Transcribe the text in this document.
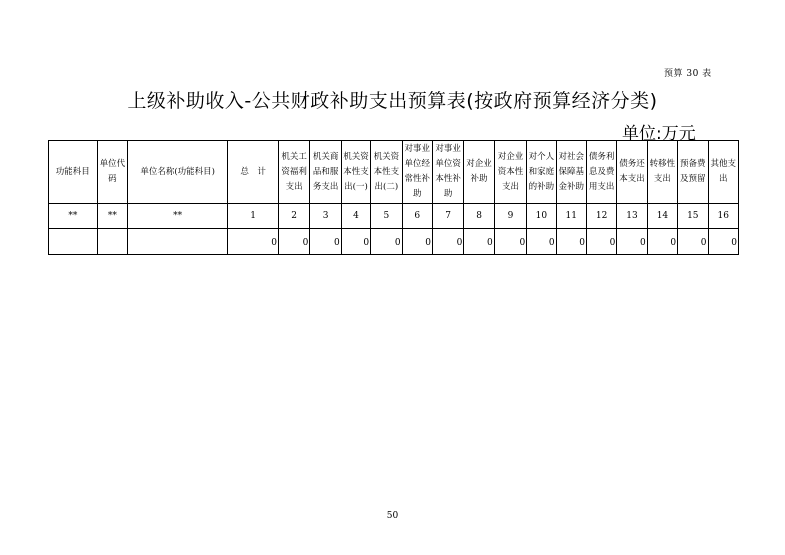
预算 30 表
上级补助收入-公共财政补助支出预算表(按政府预算经济分类)
单位:万元
功能科目	单位代码	单位名称(功能科目)	总　计	机关工资福利支出	机关商品和服务支出	机关资本性支出(一)	机关资本性支出(二)	对事业单位经常性补助	对事业单位资本性补助	对企业补助	对企业资本性支出	对个人和家庭的补助	对社会保障基金补助	债务利息及费用支出	债务还本支出	转移性支出	预备费及预留	其他支出
**	**	**	1	2	3	4	5	6	7	8	9	10	11	12	13	14	15	16
			0	0	0	0	0	0	0	0	0	0	0	0	0	0	0	0
50
